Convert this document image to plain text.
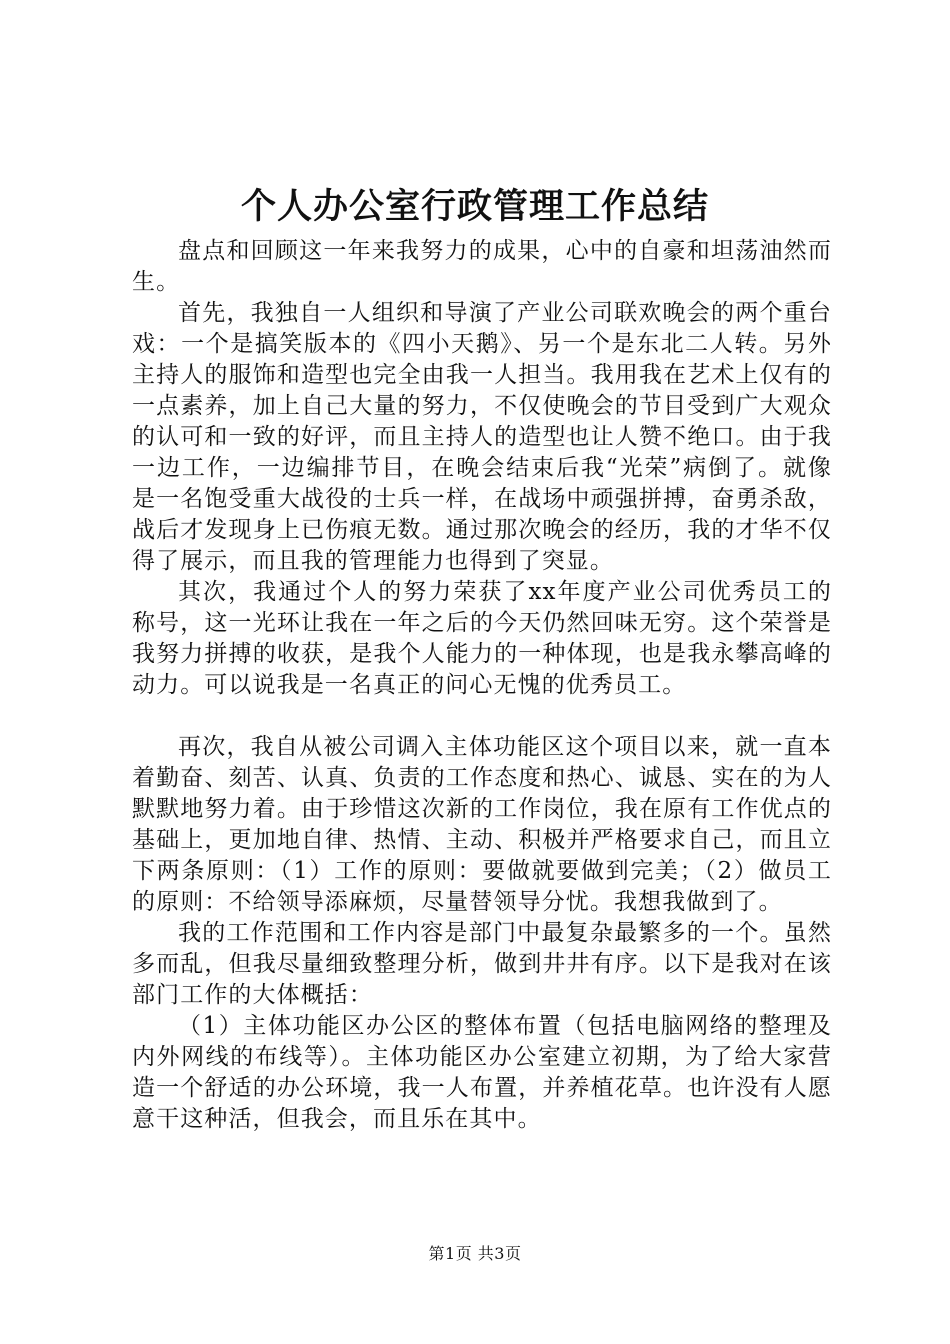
个人办公室行政管理工作总结

盘点和回顾这一年来我努力的成果，心中的自豪和坦荡油然而生。

首先，我独自一人组织和导演了产业公司联欢晚会的两个重台戏：一个是搞笑版本的《四小天鹅》、另一个是东北二人转。另外主持人的服饰和造型也完全由我一人担当。我用我在艺术上仅有的一点素养，加上自己大量的努力，不仅使晚会的节目受到广大观众的认可和一致的好评，而且主持人的造型也让人赞不绝口。由于我一边工作，一边编排节目，在晚会结束后我“光荣”病倒了。就像是一名饱受重大战役的士兵一样，在战场中顽强拼搏，奋勇杀敌，战后才发现身上已伤痕无数。通过那次晚会的经历，我的才华不仅得了展示，而且我的管理能力也得到了突显。

其次，我通过个人的努力荣获了xx年度产业公司优秀员工的称号，这一光环让我在一年之后的今天仍然回味无穷。这个荣誉是我努力拼搏的收获，是我个人能力的一种体现，也是我永攀高峰的动力。可以说我是一名真正的问心无愧的优秀员工。

再次，我自从被公司调入主体功能区这个项目以来，就一直本着勤奋、刻苦、认真、负责的工作态度和热心、诚恳、实在的为人默默地努力着。由于珍惜这次新的工作岗位，我在原有工作优点的基础上，更加地自律、热情、主动、积极并严格要求自己，而且立下两条原则：（1）工作的原则：要做就要做到完美；（2）做员工的原则：不给领导添麻烦，尽量替领导分忧。我想我做到了。

我的工作范围和工作内容是部门中最复杂最繁多的一个。虽然多而乱，但我尽量细致整理分析，做到井井有序。以下是我对在该部门工作的大体概括：

（1）主体功能区办公区的整体布置（包括电脑网络的整理及内外网线的布线等）。主体功能区办公室建立初期，为了给大家营造一个舒适的办公环境，我一人布置，并养植花草。也许没有人愿意干这种活，但我会，而且乐在其中。

第1页 共3页
